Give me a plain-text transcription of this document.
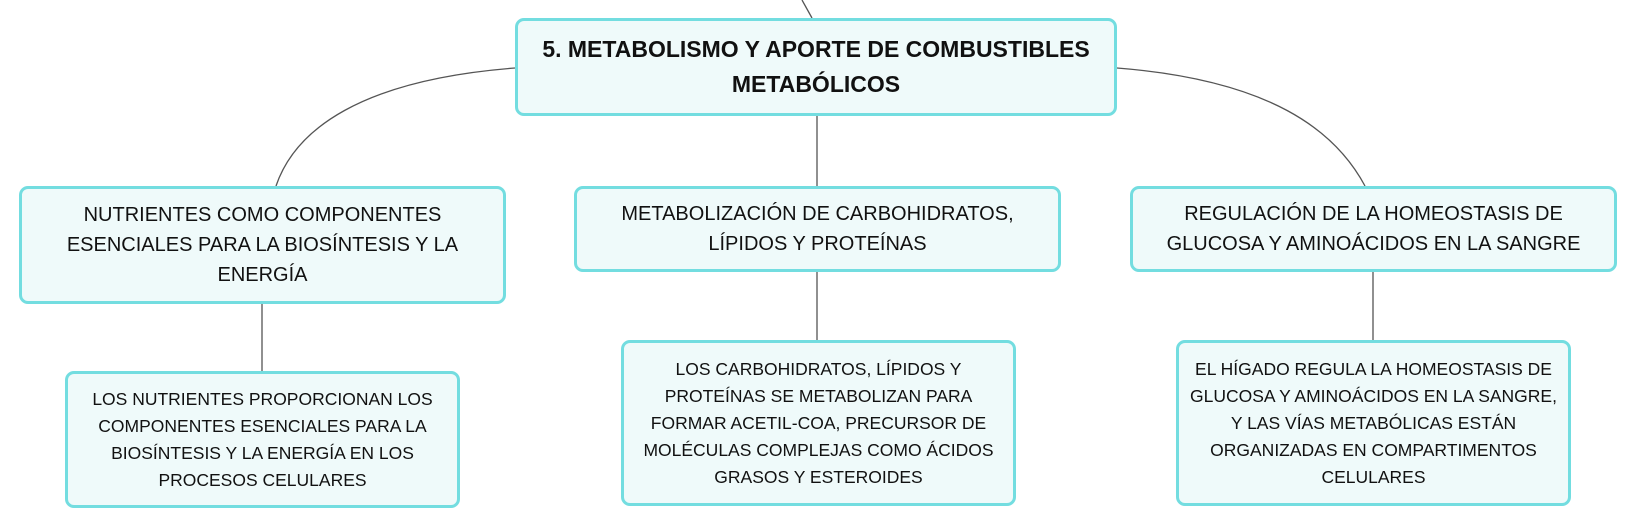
5. METABOLISMO Y APORTE DE COMBUSTIBLES METABÓLICOS
NUTRIENTES COMO COMPONENTES ESENCIALES PARA LA BIOSÍNTESIS Y LA ENERGÍA
METABOLIZACIÓN DE CARBOHIDRATOS, LÍPIDOS Y PROTEÍNAS
REGULACIÓN DE LA HOMEOSTASIS DE GLUCOSA Y AMINOÁCIDOS EN LA SANGRE
LOS NUTRIENTES PROPORCIONAN LOS COMPONENTES ESENCIALES PARA LA BIOSÍNTESIS Y LA ENERGÍA EN LOS PROCESOS CELULARES
LOS CARBOHIDRATOS, LÍPIDOS Y PROTEÍNAS SE METABOLIZAN PARA FORMAR ACETIL-COA, PRECURSOR DE MOLÉCULAS COMPLEJAS COMO ÁCIDOS GRASOS Y ESTEROIDES
EL HÍGADO REGULA LA HOMEOSTASIS DE GLUCOSA Y AMINOÁCIDOS EN LA SANGRE, Y LAS VÍAS METABÓLICAS ESTÁN ORGANIZADAS EN COMPARTIMENTOS CELULARES
